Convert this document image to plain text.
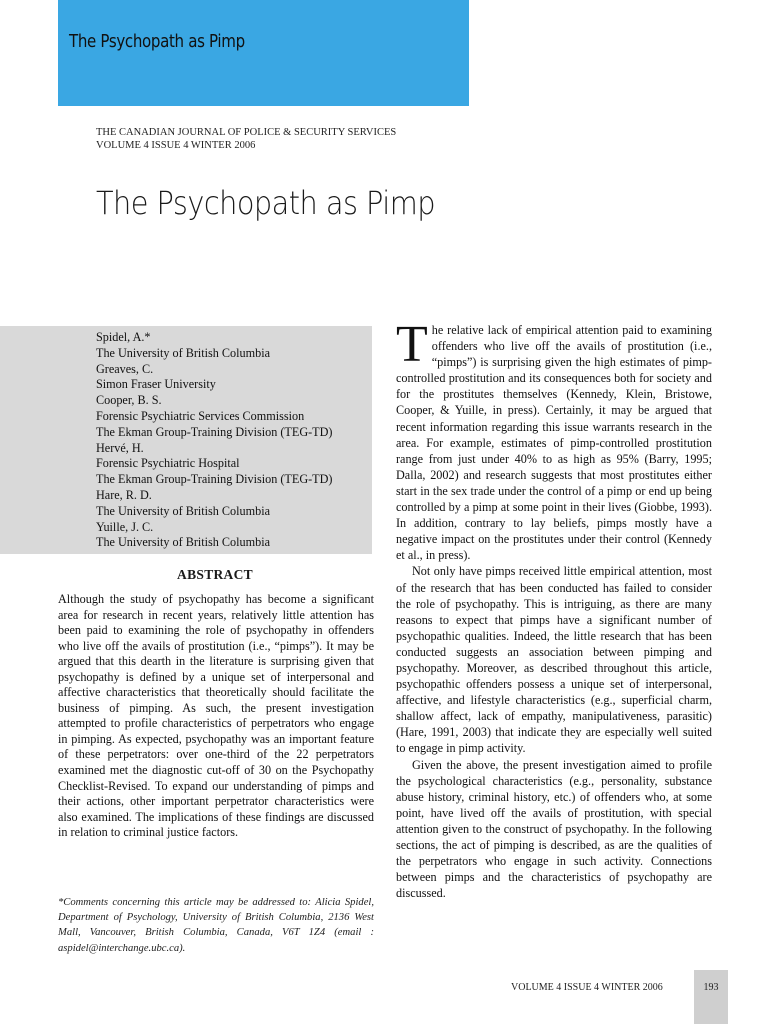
The Psychopath as Pimp
THE CANADIAN JOURNAL OF POLICE & SECURITY SERVICES
VOLUME 4 ISSUE 4 WINTER 2006
The Psychopath as Pimp
Spidel, A.*
The University of British Columbia
Greaves, C.
Simon Fraser University
Cooper, B. S.
Forensic Psychiatric Services Commission
The Ekman Group-Training Division (TEG-TD)
Hervé, H.
Forensic Psychiatric Hospital
The Ekman Group-Training Division (TEG-TD)
Hare, R. D.
The University of British Columbia
Yuille, J. C.
The University of British Columbia
ABSTRACT
Although the study of psychopathy has become a significant area for research in recent years, relatively little attention has been paid to examining the role of psychopathy in offenders who live off the avails of prostitution (i.e., “pimps”). It may be argued that this dearth in the literature is surprising given that psychopathy is defined by a unique set of interpersonal and affective characteristics that theoretically should facilitate the business of pimping. As such, the present investigation attempted to profile characteristics of perpetrators who engage in pimping. As expected, psychopathy was an important feature of these perpetrators: over one-third of the 22 perpetrators examined met the diagnostic cut-off of 30 on the Psychopathy Checklist-Revised. To expand our understanding of pimps and their actions, other important perpetrator characteristics were also examined. The implications of these findings are discussed in relation to criminal justice factors.
*Comments concerning this article may be addressed to: Alicia Spidel, Department of Psychology, University of British Columbia, 2136 West Mall, Vancouver, British Columbia, Canada, V6T 1Z4 (email : aspidel@interchange.ubc.ca).

The relative lack of empirical attention paid to examining offenders who live off the avails of prostitution (i.e., “pimps”) is surprising given the high estimates of pimp-controlled prostitution and its consequences both for society and for the prostitutes themselves (Kennedy, Klein, Bristowe, Cooper, & Yuille, in press). Certainly, it may be argued that recent information regarding this issue warrants research in the area. For example, estimates of pimp-controlled prostitution range from just under 40% to as high as 95% (Barry, 1995; Dalla, 2002) and research suggests that most prostitutes either start in the sex trade under the control of a pimp or end up being controlled by a pimp at some point in their lives (Giobbe, 1993). In addition, contrary to lay beliefs, pimps mostly have a negative impact on the prostitutes under their control (Kennedy et al., in press).

Not only have pimps received little empirical attention, most of the research that has been conducted has failed to consider the role of psychopathy. This is intriguing, as there are many reasons to expect that pimps have a significant number of psychopathic qualities. Indeed, the little research that has been conducted suggests an association between pimping and psychopathy. Moreover, as described throughout this article, psychopathic offenders possess a unique set of interpersonal, affective, and lifestyle characteristics (e.g., superficial charm, shallow affect, lack of empathy, manipulativeness, parasitic) (Hare, 1991, 2003) that indicate they are especially well suited to engage in pimp activity.

Given the above, the present investigation aimed to profile the psychological characteristics (e.g., personality, substance abuse history, criminal history, etc.) of offenders who, at some point, have lived off the avails of prostitution, with special attention given to the construct of psychopathy. In the following sections, the act of pimping is described, as are the qualities of the perpetrators who engage in such activity. Connections between pimps and the characteristics of psychopathy are discussed.

VOLUME 4 ISSUE 4 WINTER 2006	193
